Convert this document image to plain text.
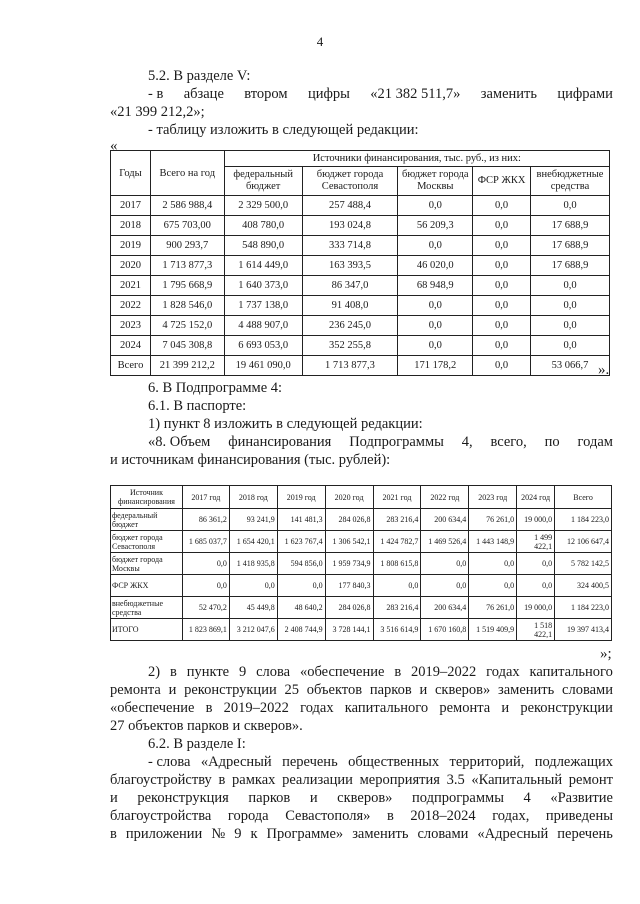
4
5.2. В разделе V:
- в абзаце втором цифры «21 382 511,7» заменить цифрами
«21 399 212,2»;
- таблицу изложить в следующей редакции:
«
Годы	Всего на год	Источники финансирования, тыс. руб., из них:				
		федеральный бюджет	бюджет города Севастополя	бюджет города Москвы	ФСР ЖКХ	внебюджетные средства
2017	2 586 988,4	2 329 500,0	257 488,4	0,0	0,0	0,0
2018	675 703,00	408 780,0	193 024,8	56 209,3	0,0	17 688,9
2019	900 293,7	548 890,0	333 714,8	0,0	0,0	17 688,9
2020	1 713 877,3	1 614 449,0	163 393,5	46 020,0	0,0	17 688,9
2021	1 795 668,9	1 640 373,0	86 347,0	68 948,9	0,0	0,0
2022	1 828 546,0	1 737 138,0	91 408,0	0,0	0,0	0,0
2023	4 725 152,0	4 488 907,0	236 245,0	0,0	0,0	0,0
2024	7 045 308,8	6 693 053,0	352 255,8	0,0	0,0	0,0
Всего	21 399 212,2	19 461 090,0	1 713 877,3	171 178,2	0,0	53 066,7 ».
6. В Подпрограмме 4:
6.1. В паспорте:
1) пункт 8 изложить в следующей редакции:
«8. Объем финансирования Подпрограммы 4, всего, по годам
и источникам финансирования (тыс. рублей):
Источник финансирования	2017 год	2018 год	2019 год	2020 год	2021 год	2022 год	2023 год	2024 год	Всего
федеральный бюджет	86 361,2	93 241,9	141 481,3	284 026,8	283 216,4	200 634,4	76 261,0	19 000,0	1 184 223,0
бюджет города Севастополя	1 685 037,7	1 654 420,1	1 623 767,4	1 306 542,1	1 424 782,7	1 469 526,4	1 443 148,9	1 499 422,1	12 106 647,4
бюджет города Москвы	0,0	1 418 935,8	594 856,0	1 959 734,9	1 808 615,8	0,0	0,0	0,0	5 782 142,5
ФСР ЖКХ	0,0	0,0	0,0	177 840,3	0,0	0,0	0,0	0,0	324 400,5
внебюджетные средства	52 470,2	45 449,8	48 640,2	284 026,8	283 216,4	200 634,4	76 261,0	19 000,0	1 184 223,0
ИТОГО	1 823 869,1	3 212 047,6	2 408 744,9	3 728 144,1	3 516 614,9	1 670 160,8	1 519 409,9	1 518 422,1	19 397 413,4
»;
2) в пункте 9 слова «обеспечение в 2019–2022 годах капитального
ремонта и реконструкции 25 объектов парков и скверов» заменить словами
«обеспечение в 2019–2022 годах капитального ремонта и реконструкции
27 объектов парков и скверов».
6.2. В разделе I:
- слова «Адресный перечень общественных территорий, подлежащих
благоустройству в рамках реализации мероприятия 3.5 «Капитальный ремонт
и реконструкция парков и скверов» подпрограммы 4 «Развитие
благоустройства города Севастополя» в 2018–2024 годах, приведены
в приложении № 9 к Программе» заменить словами «Адресный перечень
